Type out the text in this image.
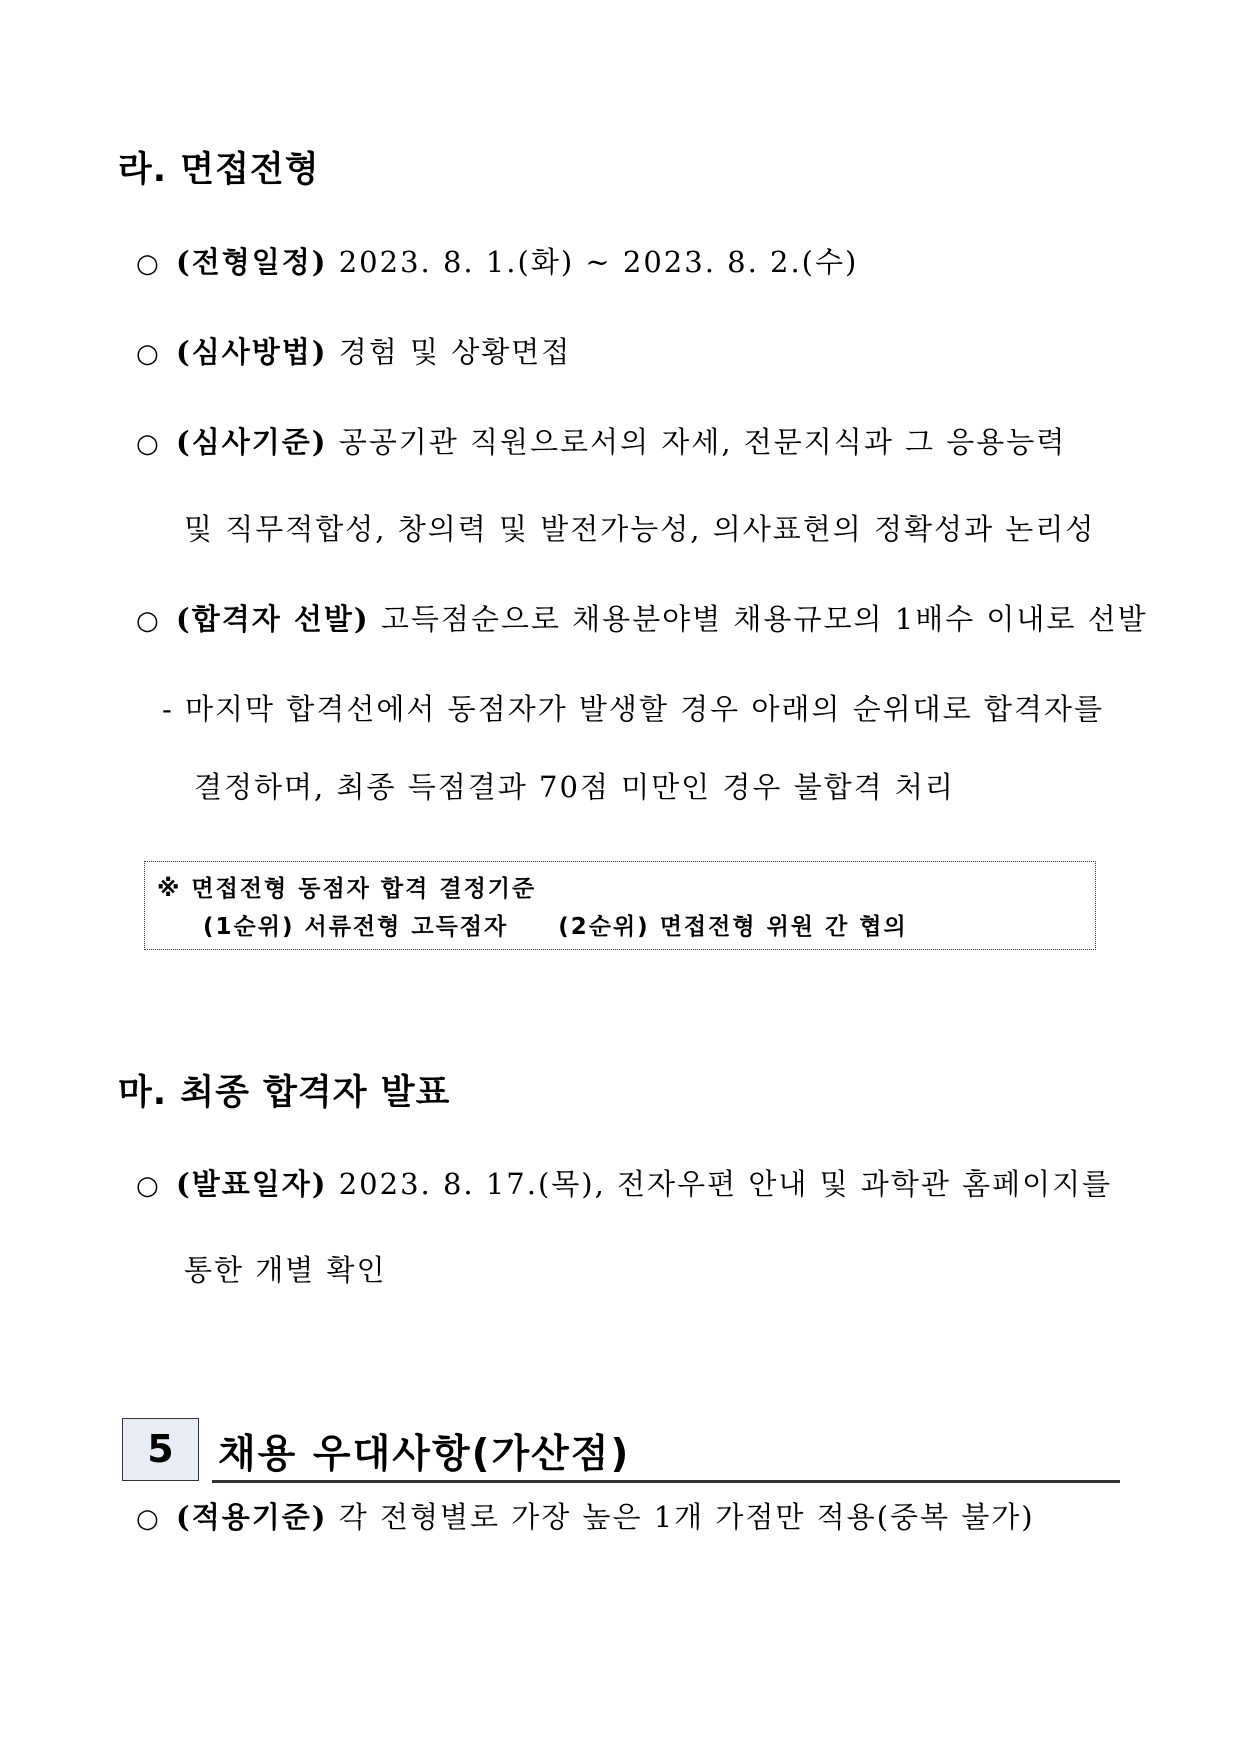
라. 면접전형
○ (전형일정) 2023. 8. 1.(화) ~ 2023. 8. 2.(수)
○ (심사방법) 경험 및 상황면접
○ (심사기준) 공공기관 직원으로서의 자세, 전문지식과 그 응용능력
및 직무적합성, 창의력 및 발전가능성, 의사표현의 정확성과 논리성
○ (합격자 선발) 고득점순으로 채용분야별 채용규모의 1배수 이내로 선발
- 마지막 합격선에서 동점자가 발생할 경우 아래의 순위대로 합격자를
결정하며, 최종 득점결과 70점 미만인 경우 불합격 처리
※ 면접전형 동점자 합격 결정기준
(1순위) 서류전형 고득점자 (2순위) 면접전형 위원 간 협의
마. 최종 합격자 발표
○ (발표일자) 2023. 8. 17.(목), 전자우편 안내 및 과학관 홈페이지를
통한 개별 확인
5	채용 우대사항(가산점)
○ (적용기준) 각 전형별로 가장 높은 1개 가점만 적용(중복 불가)
